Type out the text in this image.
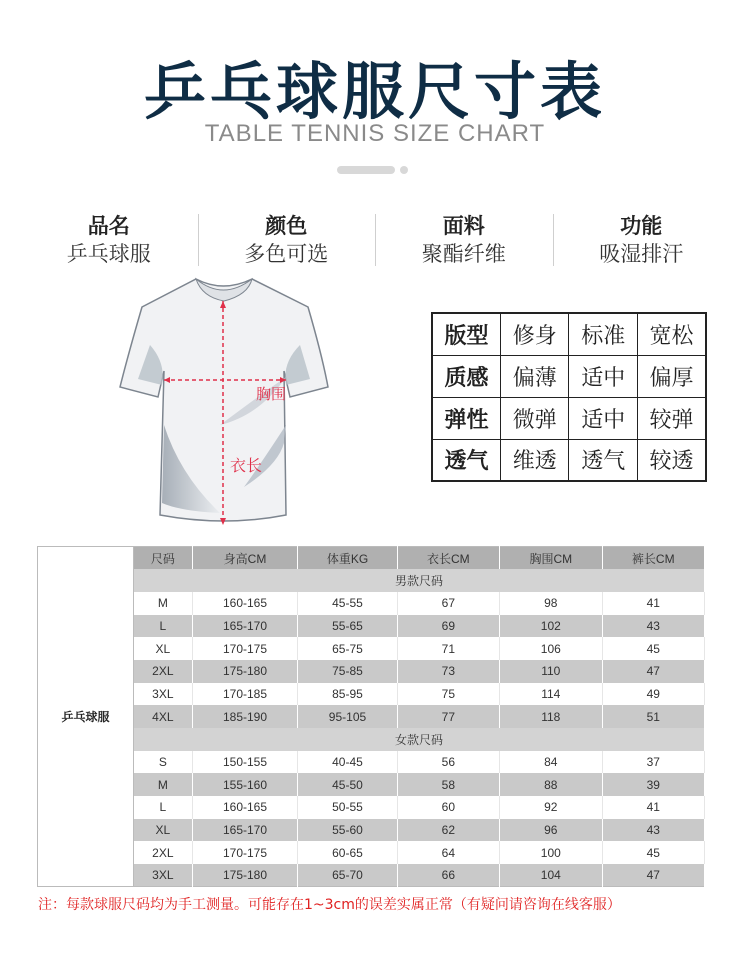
乒乓球服尺寸表
TABLE TENNIS SIZE CHART
品名
乒乓球服
颜色
多色可选
面料
聚酯纤维
功能
吸湿排汗
胸围
衣长
版型	修身	标准	宽松
质感	偏薄	适中	偏厚
弹性	微弹	适中	较弹
透气	维透	透气	较透
乒乓球服	尺码	身高CM	体重KG	衣长CM	胸围CM	裤长CM
	男款尺码					
	M	160-165	45-55	67	98	41
	L	165-170	55-65	69	102	43
	XL	170-175	65-75	71	106	45
	2XL	175-180	75-85	73	110	47
	3XL	170-185	85-95	75	114	49
	4XL	185-190	95-105	77	118	51
	女款尺码					
	S	150-155	40-45	56	84	37
	M	155-160	45-50	58	88	39
	L	160-165	50-55	60	92	41
	XL	165-170	55-60	62	96	43
	2XL	170-175	60-65	64	100	45
	3XL	175-180	65-70	66	104	47
注：每款球服尺码均为手工测量。可能存在1~3cm的误差实属正常（有疑问请咨询在线客服）
